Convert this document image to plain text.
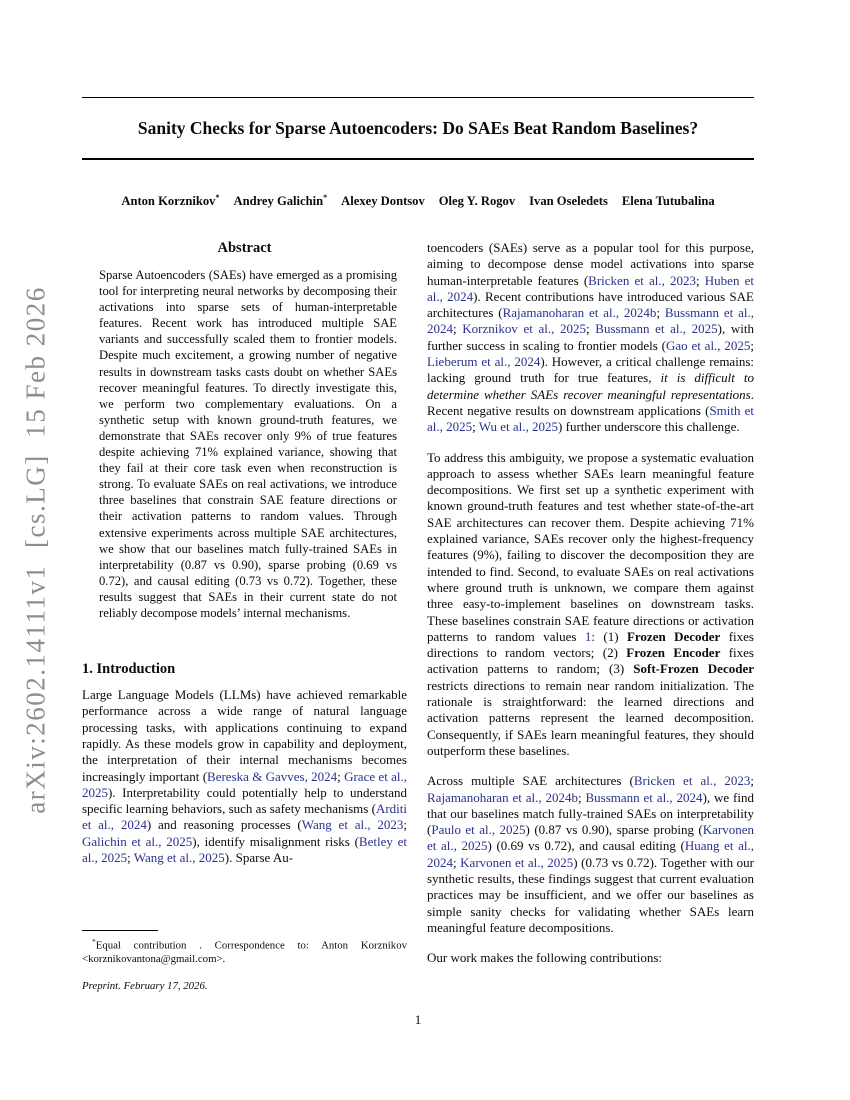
arXiv:2602.14111v1  [cs.LG]  15 Feb 2026
Sanity Checks for Sparse Autoencoders: Do SAEs Beat Random Baselines?
Anton Korznikov* Andrey Galichin* Alexey Dontsov Oleg Y. Rogov Ivan Oseledets Elena Tutubalina
Abstract
Sparse Autoencoders (SAEs) have emerged as a promising tool for interpreting neural networks by decomposing their activations into sparse sets of human-interpretable features. Recent work has introduced multiple SAE variants and successfully scaled them to frontier models. Despite much excitement, a growing number of negative results in downstream tasks casts doubt on whether SAEs recover meaningful features. To directly investigate this, we perform two complementary evaluations. On a synthetic setup with known ground-truth features, we demonstrate that SAEs recover only 9% of true features despite achieving 71% explained variance, showing that they fail at their core task even when reconstruction is strong. To evaluate SAEs on real activations, we introduce three baselines that constrain SAE feature directions or their activation patterns to random values. Through extensive experiments across multiple SAE architectures, we show that our baselines match fully-trained SAEs in interpretability (0.87 vs 0.90), sparse probing (0.69 vs 0.72), and causal editing (0.73 vs 0.72). Together, these results suggest that SAEs in their current state do not reliably decompose models’ internal mechanisms.
1. Introduction
Large Language Models (LLMs) have achieved remarkable performance across a wide range of natural language processing tasks, with applications continuing to expand rapidly. As these models grow in capability and deployment, the interpretation of their internal mechanisms becomes increasingly important (Bereska & Gavves, 2024; Grace et al., 2025). Interpretability could potentially help to understand specific learning behaviors, such as safety mechanisms (Arditi et al., 2024) and reasoning processes (Wang et al., 2023; Galichin et al., 2025), identify misalignment risks (Betley et al., 2025; Wang et al., 2025). Sparse Au-
toencoders (SAEs) serve as a popular tool for this purpose, aiming to decompose dense model activations into sparse human-interpretable features (Bricken et al., 2023; Huben et al., 2024). Recent contributions have introduced various SAE architectures (Rajamanoharan et al., 2024b; Bussmann et al., 2024; Korznikov et al., 2025; Bussmann et al., 2025), with further success in scaling to frontier models (Gao et al., 2025; Lieberum et al., 2024). However, a critical challenge remains: lacking ground truth for true features, it is difficult to determine whether SAEs recover meaningful representations. Recent negative results on downstream applications (Smith et al., 2025; Wu et al., 2025) further underscore this challenge.
To address this ambiguity, we propose a systematic evaluation approach to assess whether SAEs learn meaningful feature decompositions. We first set up a synthetic experiment with known ground-truth features and test whether state-of-the-art SAE architectures can recover them. Despite achieving 71% explained variance, SAEs recover only the highest-frequency features (9%), failing to discover the decomposition they are intended to find. Second, to evaluate SAEs on real activations where ground truth is unknown, we compare them against three easy-to-implement baselines on downstream tasks. These baselines constrain SAE feature directions or activation patterns to random values 1: (1) Frozen Decoder fixes directions to random vectors; (2) Frozen Encoder fixes activation patterns to random; (3) Soft-Frozen Decoder restricts directions to remain near random initialization. The rationale is straightforward: the learned directions and activation patterns represent the learned decomposition. Consequently, if SAEs learn meaningful features, they should outperform these baselines.
Across multiple SAE architectures (Bricken et al., 2023; Rajamanoharan et al., 2024b; Bussmann et al., 2024), we find that our baselines match fully-trained SAEs on interpretability (Paulo et al., 2025) (0.87 vs 0.90), sparse probing (Karvonen et al., 2025) (0.69 vs 0.72), and causal editing (Huang et al., 2024; Karvonen et al., 2025) (0.73 vs 0.72). Together with our synthetic results, these findings suggest that current evaluation practices may be insufficient, and we offer our baselines as simple sanity checks for validating whether SAEs learn meaningful feature decompositions.
Our work makes the following contributions:
*Equal contribution . Correspondence to: Anton Korznikov <korznikovantona@gmail.com>.
Preprint. February 17, 2026.
1
